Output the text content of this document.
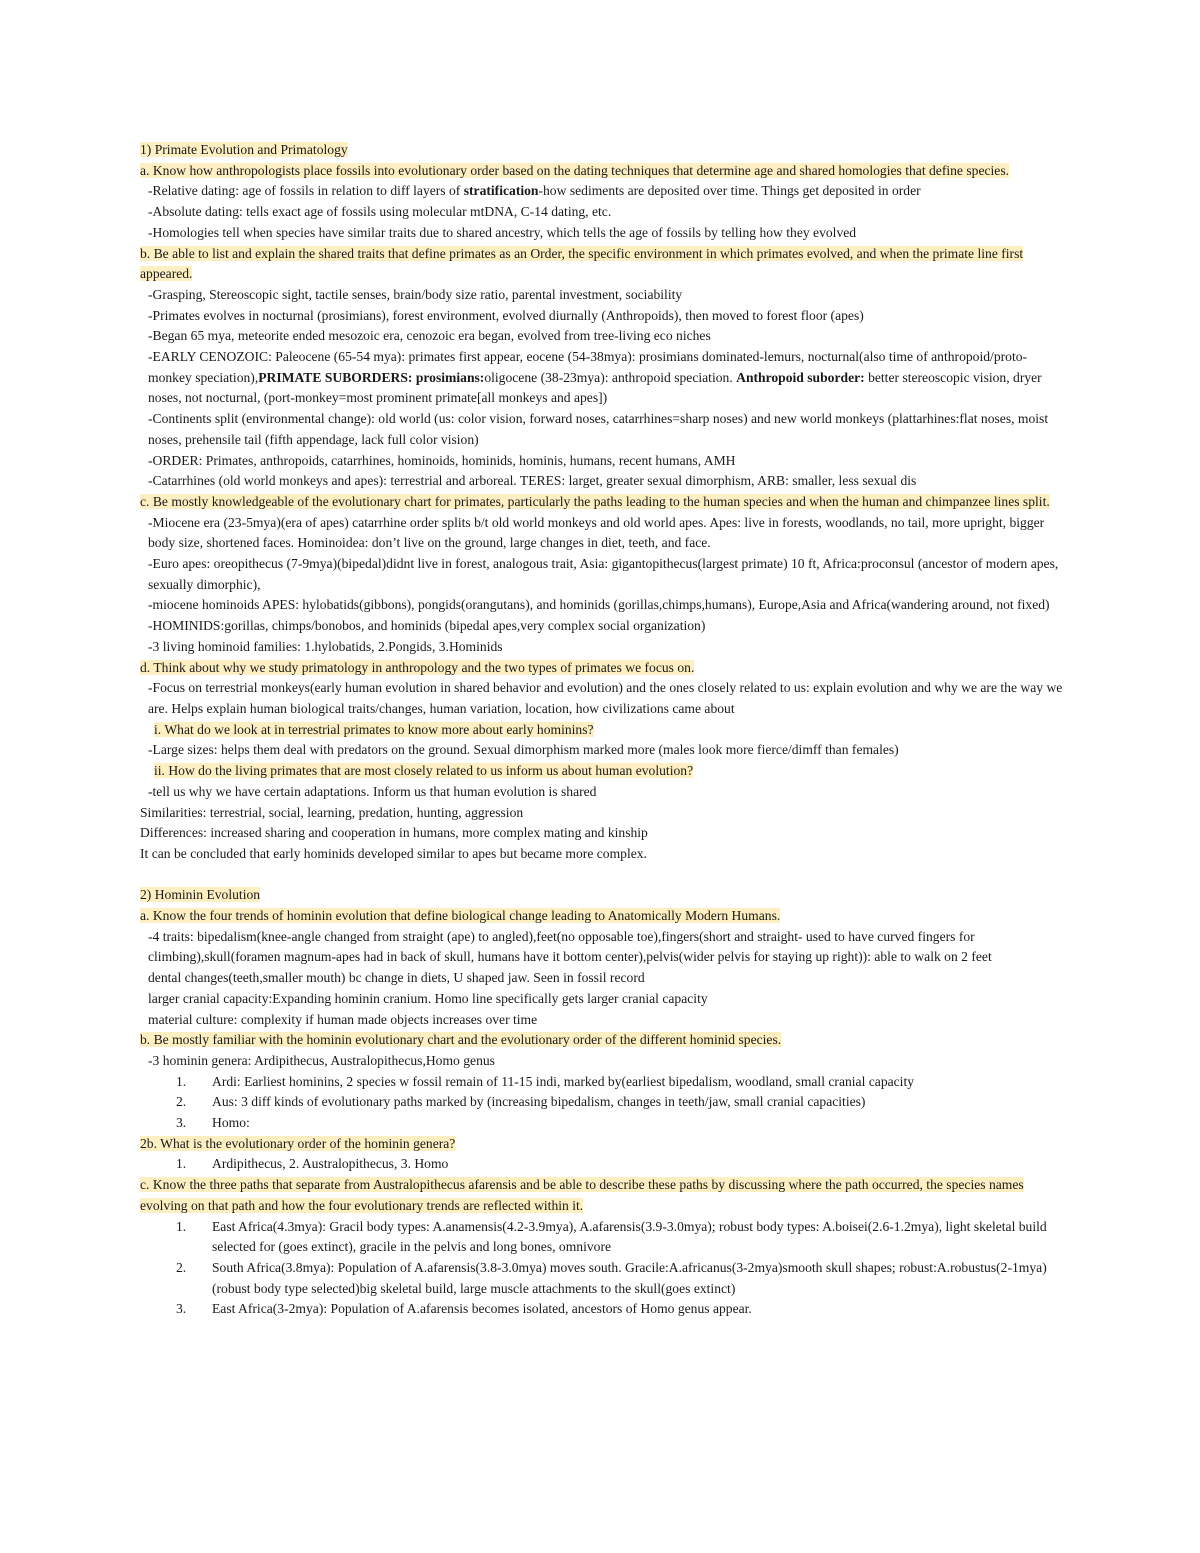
1) Primate Evolution and Primatology

a. Know how anthropologists place fossils into evolutionary order based on the dating techniques that determine age and shared homologies that define species.

-Relative dating: age of fossils in relation to diff layers of stratification-how sediments are deposited over time. Things get deposited in order

-Absolute dating: tells exact age of fossils using molecular mtDNA, C-14 dating, etc.

-Homologies tell when species have similar traits due to shared ancestry, which tells the age of fossils by telling how they evolved

b. Be able to list and explain the shared traits that define primates as an Order, the specific environment in which primates evolved, and when the primate line first appeared.

-Grasping, Stereoscopic sight, tactile senses, brain/body size ratio, parental investment, sociability

-Primates evolves in nocturnal (prosimians), forest environment, evolved diurnally (Anthropoids), then moved to forest floor (apes)

-Began 65 mya, meteorite ended mesozoic era, cenozoic era began, evolved from tree-living eco niches

-EARLY CENOZOIC: Paleocene (65-54 mya): primates first appear, eocene (54-38mya): prosimians dominated-lemurs, nocturnal(also time of anthropoid/proto-monkey speciation),PRIMATE SUBORDERS: prosimians:oligocene (38-23mya): anthropoid speciation. Anthropoid suborder: better stereoscopic vision, dryer noses, not nocturnal, (port-monkey=most prominent primate[all monkeys and apes])

-Continents split (environmental change): old world (us: color vision, forward noses, catarrhines=sharp noses) and new world monkeys (plattarhines:flat noses, moist noses, prehensile tail (fifth appendage, lack full color vision)

-ORDER: Primates, anthropoids, catarrhines, hominoids, hominids, hominis, humans, recent humans, AMH

-Catarrhines (old world monkeys and apes): terrestrial and arboreal. TERES: larget, greater sexual dimorphism, ARB: smaller, less sexual dis

c. Be mostly knowledgeable of the evolutionary chart for primates, particularly the paths leading to the human species and when the human and chimpanzee lines split.

-Miocene era (23-5mya)(era of apes) catarrhine order splits b/t old world monkeys and old world apes. Apes: live in forests, woodlands, no tail, more upright, bigger body size, shortened faces. Hominoidea: don’t live on the ground, large changes in diet, teeth, and face.

-Euro apes: oreopithecus (7-9mya)(bipedal)didnt live in forest, analogous trait, Asia: gigantopithecus(largest primate) 10 ft, Africa:proconsul (ancestor of modern apes, sexually dimorphic),

-miocene hominoids APES: hylobatids(gibbons), pongids(orangutans), and hominids (gorillas,chimps,humans), Europe,Asia and Africa(wandering around, not fixed)

-HOMINIDS:gorillas, chimps/bonobos, and hominids (bipedal apes,very complex social organization)

-3 living hominoid families: 1.hylobatids, 2.Pongids, 3.Hominids

d. Think about why we study primatology in anthropology and the two types of primates we focus on.

-Focus on terrestrial monkeys(early human evolution in shared behavior and evolution) and the ones closely related to us: explain evolution and why we are the way we are. Helps explain human biological traits/changes, human variation, location, how civilizations came about

i. What do we look at in terrestrial primates to know more about early hominins?

-Large sizes: helps them deal with predators on the ground. Sexual dimorphism marked more (males look more fierce/dimff than females)

ii. How do the living primates that are most closely related to us inform us about human evolution?

-tell us why we have certain adaptations. Inform us that human evolution is shared

Similarities: terrestrial, social, learning, predation, hunting, aggression

Differences: increased sharing and cooperation in humans, more complex mating and kinship

It can be concluded that early hominids developed similar to apes but became more complex.

2) Hominin Evolution

a. Know the four trends of hominin evolution that define biological change leading to Anatomically Modern Humans.

-4 traits: bipedalism(knee-angle changed from straight (ape) to angled),feet(no opposable toe),fingers(short and straight- used to have curved fingers for climbing),skull(foramen magnum-apes had in back of skull, humans have it bottom center),pelvis(wider pelvis for staying up right)): able to walk on 2 feet

dental changes(teeth,smaller mouth) bc change in diets, U shaped jaw. Seen in fossil record

larger cranial capacity:Expanding hominin cranium. Homo line specifically gets larger cranial capacity

material culture: complexity if human made objects increases over time

b. Be mostly familiar with the hominin evolutionary chart and the evolutionary order of the different hominid species.

-3 hominin genera: Ardipithecus, Australopithecus,Homo genus

1. Ardi: Earliest hominins, 2 species w fossil remain of 11-15 indi, marked by(earliest bipedalism, woodland, small cranial capacity

2. Aus: 3 diff kinds of evolutionary paths marked by (increasing bipedalism, changes in teeth/jaw, small cranial capacities)

3. Homo:

2b. What is the evolutionary order of the hominin genera?

1. Ardipithecus, 2. Australopithecus, 3. Homo

c. Know the three paths that separate from Australopithecus afarensis and be able to describe these paths by discussing where the path occurred, the species names evolving on that path and how the four evolutionary trends are reflected within it.

1. East Africa(4.3mya): Gracil body types: A.anamensis(4.2-3.9mya), A.afarensis(3.9-3.0mya); robust body types: A.boisei(2.6-1.2mya), light skeletal build selected for (goes extinct), gracile in the pelvis and long bones, omnivore

2. South Africa(3.8mya): Population of A.afarensis(3.8-3.0mya) moves south. Gracile:A.africanus(3-2mya)smooth skull shapes; robust:A.robustus(2-1mya) (robust body type selected)big skeletal build, large muscle attachments to the skull(goes extinct)

3. East Africa(3-2mya): Population of A.afarensis becomes isolated, ancestors of Homo genus appear.
